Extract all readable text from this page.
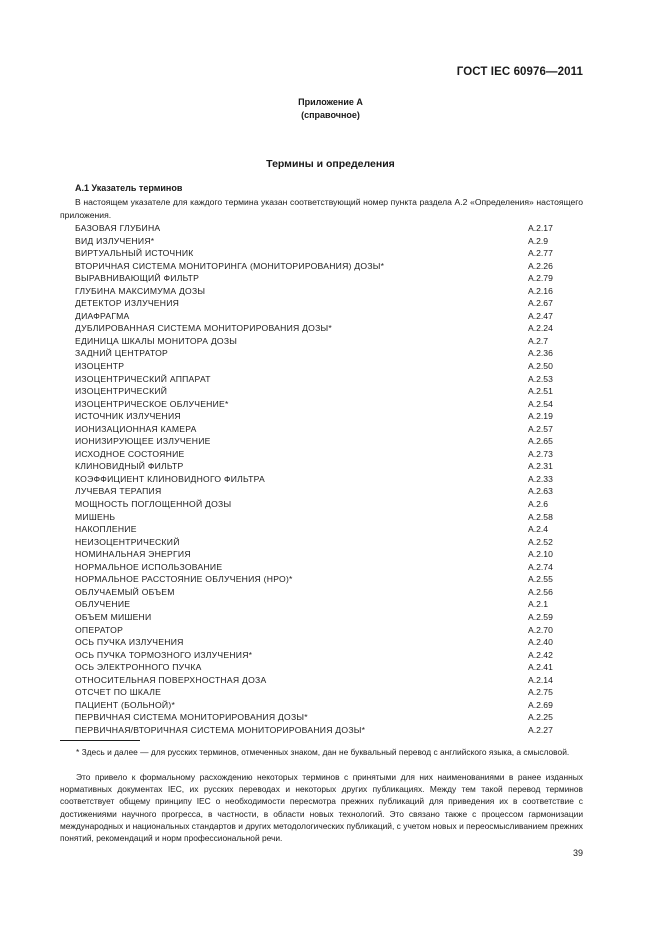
ГОСТ IEC 60976—2011
Приложение А
(справочное)
Термины и определения
А.1 Указатель терминов
В настоящем указателе для каждого термина указан соответствующий номер пункта раздела А.2 «Определения» настоящего приложения.
БАЗОВАЯ ГЛУБИНА	А.2.17
ВИД ИЗЛУЧЕНИЯ*	А.2.9
ВИРТУАЛЬНЫЙ ИСТОЧНИК	А.2.77
ВТОРИЧНАЯ СИСТЕМА МОНИТОРИНГА (МОНИТОРИРОВАНИЯ) ДОЗЫ*	А.2.26
ВЫРАВНИВАЮЩИЙ ФИЛЬТР	А.2.79
ГЛУБИНА МАКСИМУМА ДОЗЫ	А.2.16
ДЕТЕКТОР ИЗЛУЧЕНИЯ	А.2.67
ДИАФРАГМА	А.2.47
ДУБЛИРОВАННАЯ СИСТЕМА МОНИТОРИРОВАНИЯ ДОЗЫ*	А.2.24
ЕДИНИЦА ШКАЛЫ МОНИТОРА ДОЗЫ	А.2.7
ЗАДНИЙ ЦЕНТРАТОР	А.2.36
ИЗОЦЕНТР	А.2.50
ИЗОЦЕНТРИЧЕСКИЙ АППАРАТ	А.2.53
ИЗОЦЕНТРИЧЕСКИЙ	А.2.51
ИЗОЦЕНТРИЧЕСКОЕ ОБЛУЧЕНИЕ*	А.2.54
ИСТОЧНИК ИЗЛУЧЕНИЯ	А.2.19
ИОНИЗАЦИОННАЯ КАМЕРА	А.2.57
ИОНИЗИРУЮЩЕЕ ИЗЛУЧЕНИЕ	А.2.65
ИСХОДНОЕ СОСТОЯНИЕ	А.2.73
КЛИНОВИДНЫЙ ФИЛЬТР	А.2.31
КОЭФФИЦИЕНТ КЛИНОВИДНОГО ФИЛЬТРА	А.2.33
ЛУЧЕВАЯ ТЕРАПИЯ	А.2.63
МОЩНОСТЬ ПОГЛОЩЕННОЙ ДОЗЫ	А.2.6
МИШЕНЬ	А.2.58
НАКОПЛЕНИЕ	А.2.4
НЕИЗОЦЕНТРИЧЕСКИЙ	А.2.52
НОМИНАЛЬНАЯ ЭНЕРГИЯ	А.2.10
НОРМАЛЬНОЕ ИСПОЛЬЗОВАНИЕ	А.2.74
НОРМАЛЬНОЕ РАССТОЯНИЕ ОБЛУЧЕНИЯ (НРО)*	А.2.55
ОБЛУЧАЕМЫЙ ОБЪЕМ	А.2.56
ОБЛУЧЕНИЕ	А.2.1
ОБЪЕМ МИШЕНИ	А.2.59
ОПЕРАТОР	А.2.70
ОСЬ ПУЧКА ИЗЛУЧЕНИЯ	А.2.40
ОСЬ ПУЧКА ТОРМОЗНОГО ИЗЛУЧЕНИЯ*	А.2.42
ОСЬ ЭЛЕКТРОННОГО ПУЧКА	А.2.41
ОТНОСИТЕЛЬНАЯ ПОВЕРХНОСТНАЯ ДОЗА	А.2.14
ОТСЧЕТ ПО ШКАЛЕ	А.2.75
ПАЦИЕНТ (БОЛЬНОЙ)*	А.2.69
ПЕРВИЧНАЯ СИСТЕМА МОНИТОРИРОВАНИЯ ДОЗЫ*	А.2.25
ПЕРВИЧНАЯ/ВТОРИЧНАЯ СИСТЕМА МОНИТОРИРОВАНИЯ ДОЗЫ*	А.2.27
* Здесь и далее — для русских терминов, отмеченных знаком, дан не буквальный перевод с английского языка, а смысловой.
Это привело к формальному расхождению некоторых терминов с принятыми для них наименованиями в ранее изданных нормативных документах IEC, их русских переводах и некоторых других публикациях. Между тем такой перевод терминов соответствует общему принципу IEC о необходимости пересмотра прежних публикаций для приведения их в соответствие с достижениями научного прогресса, в частности, в области новых технологий. Это связано также с процессом гармонизации международных и национальных стандартов и других методологических публикаций, с учетом новых и переосмысливанием прежних понятий, рекомендаций и норм профессиональной речи.
39
